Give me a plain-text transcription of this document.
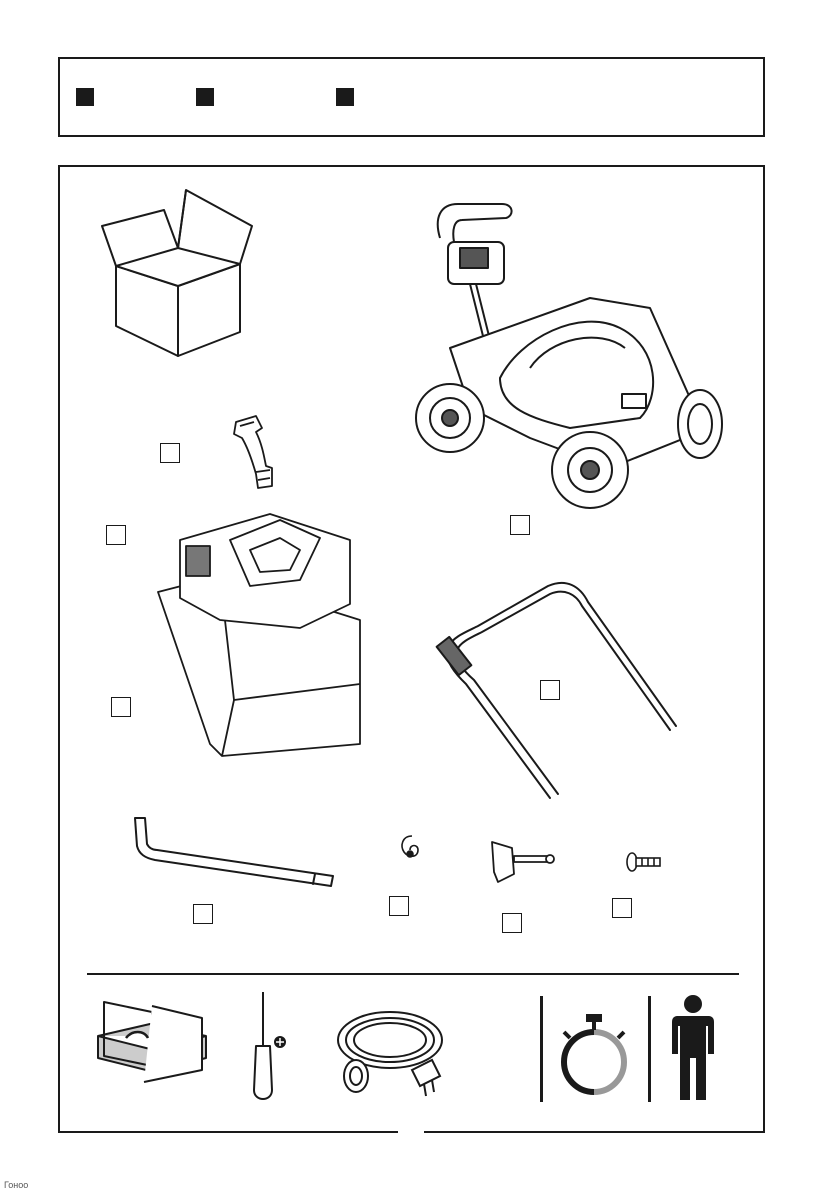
Гоноо
